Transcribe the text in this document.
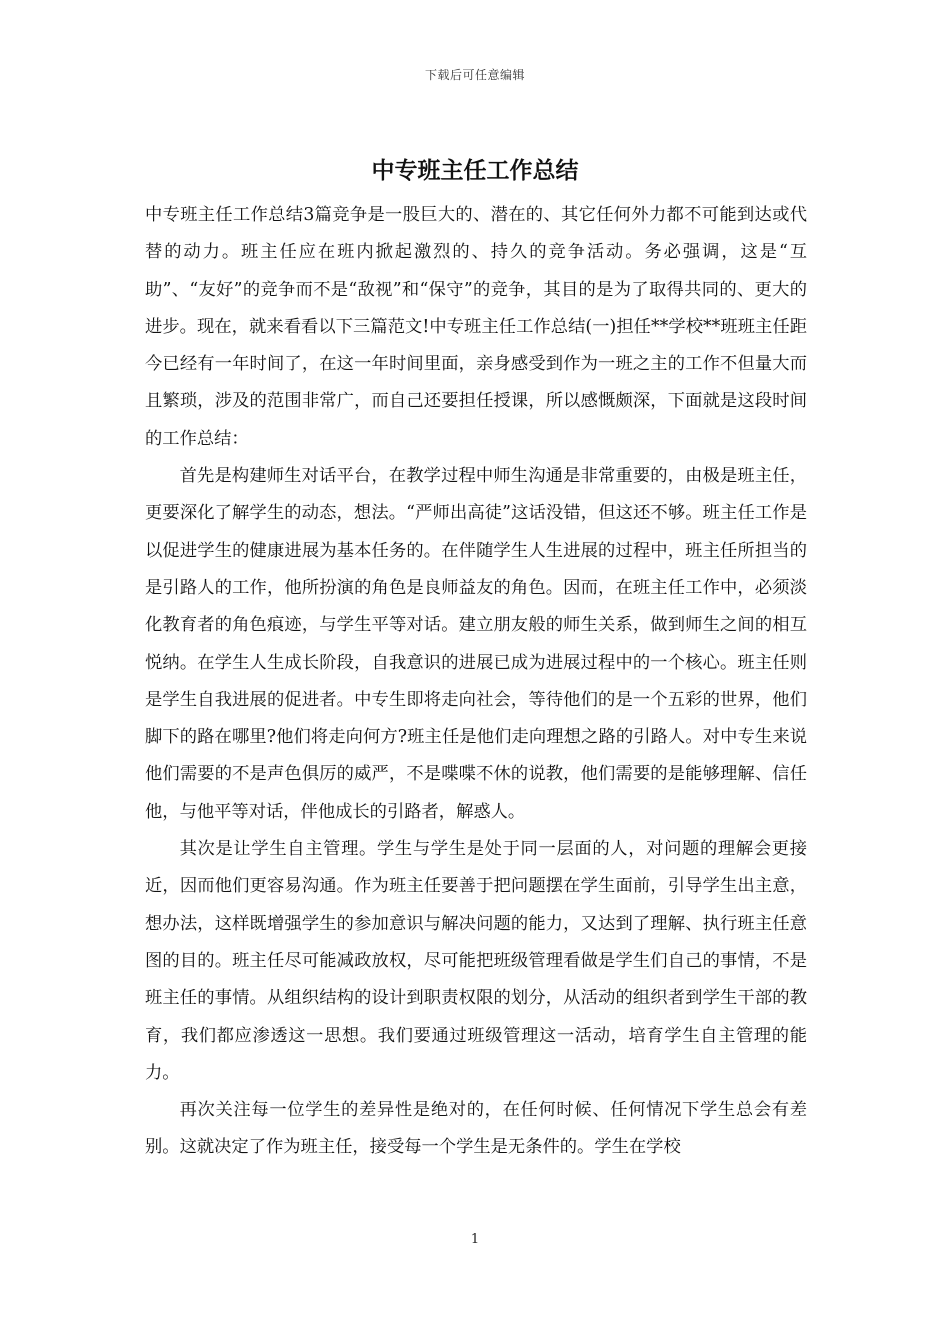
下载后可任意编辑
中专班主任工作总结

中专班主任工作总结3篇竞争是一股巨大的、潜在的、其它任何外力都不可能到达或代替的动力。班主任应在班内掀起激烈的、持久的竞争活动。务必强调，这是“互助”、“友好”的竞争而不是“敌视”和“保守”的竞争，其目的是为了取得共同的、更大的进步。现在，就来看看以下三篇范文!中专班主任工作总结(一)担任**学校**班班主任距今已经有一年时间了，在这一年时间里面，亲身感受到作为一班之主的工作不但量大而且繁琐，涉及的范围非常广，而自己还要担任授课，所以感慨颇深，下面就是这段时间的工作总结：

首先是构建师生对话平台，在教学过程中师生沟通是非常重要的，由极是班主任，更要深化了解学生的动态，想法。“严师出高徒”这话没错，但这还不够。班主任工作是以促进学生的健康进展为基本任务的。在伴随学生人生进展的过程中，班主任所担当的是引路人的工作，他所扮演的角色是良师益友的角色。因而，在班主任工作中，必须淡化教育者的角色痕迹，与学生平等对话。建立朋友般的师生关系，做到师生之间的相互悦纳。在学生人生成长阶段，自我意识的进展已成为进展过程中的一个核心。班主任则是学生自我进展的促进者。中专生即将走向社会，等待他们的是一个五彩的世界，他们脚下的路在哪里?他们将走向何方?班主任是他们走向理想之路的引路人。对中专生来说他们需要的不是声色俱厉的威严，不是喋喋不休的说教，他们需要的是能够理解、信任他，与他平等对话，伴他成长的引路者，解惑人。

其次是让学生自主管理。学生与学生是处于同一层面的人，对问题的理解会更接近，因而他们更容易沟通。作为班主任要善于把问题摆在学生面前，引导学生出主意，想办法，这样既增强学生的参加意识与解决问题的能力，又达到了理解、执行班主任意图的目的。班主任尽可能减政放权，尽可能把班级管理看做是学生们自己的事情，不是班主任的事情。从组织结构的设计到职责权限的划分，从活动的组织者到学生干部的教育，我们都应渗透这一思想。我们要通过班级管理这一活动，培育学生自主管理的能力。

再次关注每一位学生的差异性是绝对的，在任何时候、任何情况下学生总会有差别。这就决定了作为班主任，接受每一个学生是无条件的。学生在学校

1
